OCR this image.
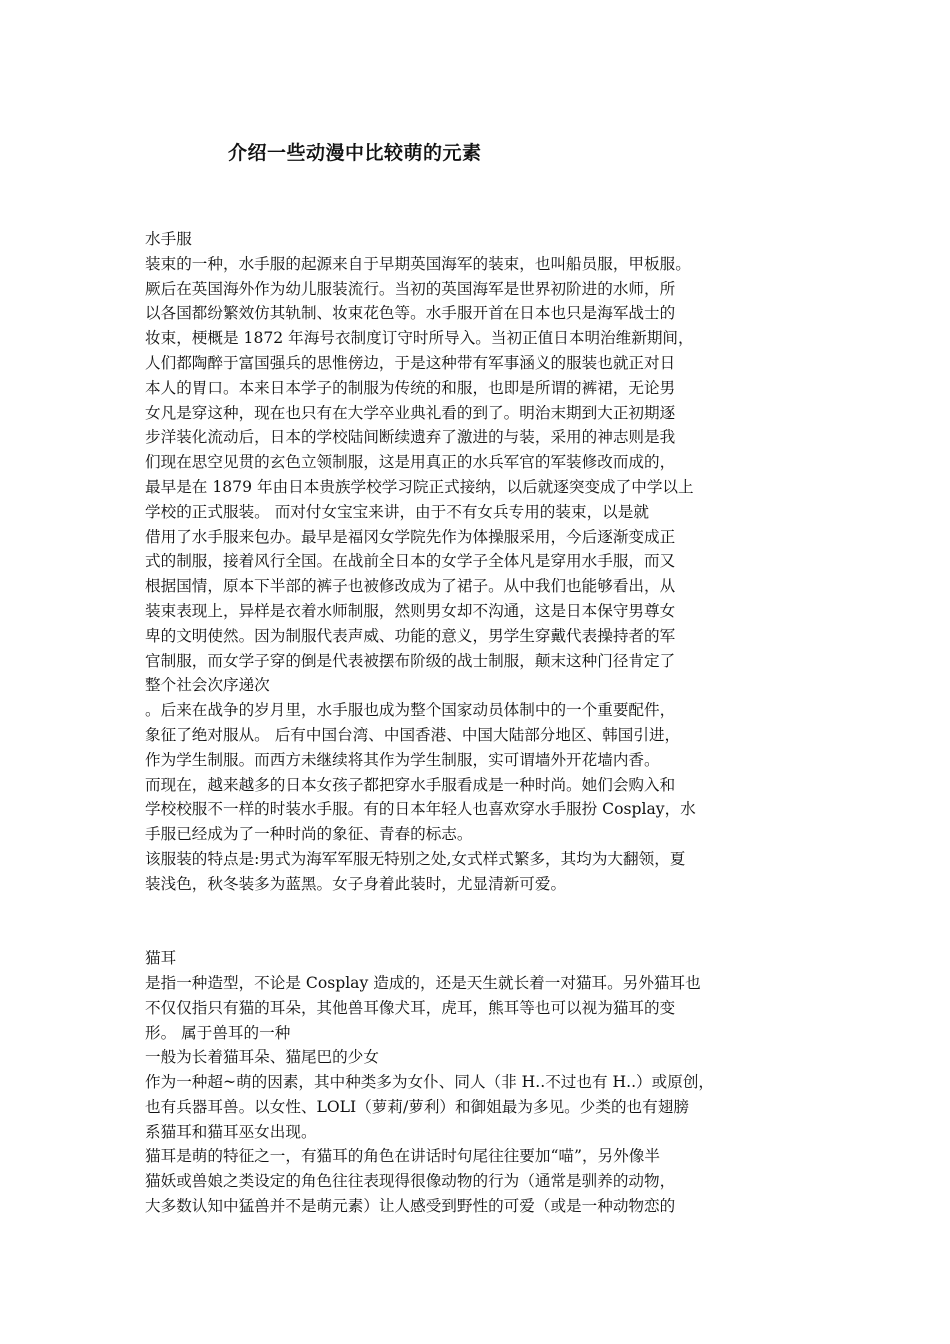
介绍一些动漫中比较萌的元素
水手服
装束的一种，水手服的起源来自于早期英国海军的装束，也叫船员服，甲板服。
厥后在英国海外作为幼儿服装流行。当初的英国海军是世界初阶进的水师，所
以各国都纷繁效仿其轨制、妆束花色等。水手服开首在日本也只是海军战士的
妆束，梗概是 1872 年海号衣制度订守时所导入。当初正值日本明治维新期间，
人们都陶醉于富国强兵的思惟傍边，于是这种带有军事涵义的服装也就正对日
本人的胃口。本来日本学子的制服为传统的和服，也即是所谓的裤裙，无论男
女凡是穿这种，现在也只有在大学卒业典礼看的到了。明治末期到大正初期逐
步洋装化流动后，日本的学校陆间断续遗弃了激进的与装，采用的神志则是我
们现在思空见贯的玄色立领制服，这是用真正的水兵军官的军装修改而成的，
最早是在 1879 年由日本贵族学校学习院正式接纳，以后就逐突变成了中学以上
学校的正式服装。 而对付女宝宝来讲，由于不有女兵专用的装束，以是就
借用了水手服来包办。最早是福冈女学院先作为体操服采用，今后逐渐变成正
式的制服，接着风行全国。在战前全日本的女学子全体凡是穿用水手服，而又
根据国情，原本下半部的裤子也被修改成为了裙子。从中我们也能够看出，从
装束表现上，异样是衣着水师制服，然则男女却不沟通，这是日本保守男尊女
卑的文明使然。因为制服代表声威、功能的意义，男学生穿戴代表操持者的军
官制服，而女学子穿的倒是代表被摆布阶级的战士制服，颠末这种门径肯定了
整个社会次序递次
。后来在战争的岁月里，水手服也成为整个国家动员体制中的一个重要配件，
象征了绝对服从。 后有中国台湾、中国香港、中国大陆部分地区、韩国引进，
作为学生制服。而西方未继续将其作为学生制服，实可谓墙外开花墙内香。
而现在，越来越多的日本女孩子都把穿水手服看成是一种时尚。她们会购入和
学校校服不一样的时装水手服。有的日本年轻人也喜欢穿水手服扮 Cosplay，水
手服已经成为了一种时尚的象征、青春的标志。
该服装的特点是:男式为海军军服无特别之处,女式样式繁多，其均为大翻领，夏
装浅色，秋冬装多为蓝黑。女子身着此装时，尤显清新可爱。
猫耳
是指一种造型，不论是 Cosplay 造成的，还是天生就长着一对猫耳。另外猫耳也
不仅仅指只有猫的耳朵，其他兽耳像犬耳，虎耳，熊耳等也可以视为猫耳的变
形。 属于兽耳的一种
一般为长着猫耳朵、猫尾巴的少女
作为一种超~萌的因素，其中种类多为女仆、同人（非 H..不过也有 H..）或原创，
也有兵器耳兽。以女性、LOLI（萝莉/萝利）和御姐最为多见。少类的也有翅膀
系猫耳和猫耳巫女出现。
猫耳是萌的特征之一，有猫耳的角色在讲话时句尾往往要加“喵”，另外像半
猫妖或兽娘之类设定的角色往往表现得很像动物的行为（通常是驯养的动物，
大多数认知中猛兽并不是萌元素）让人感受到野性的可爱（或是一种动物恋的
